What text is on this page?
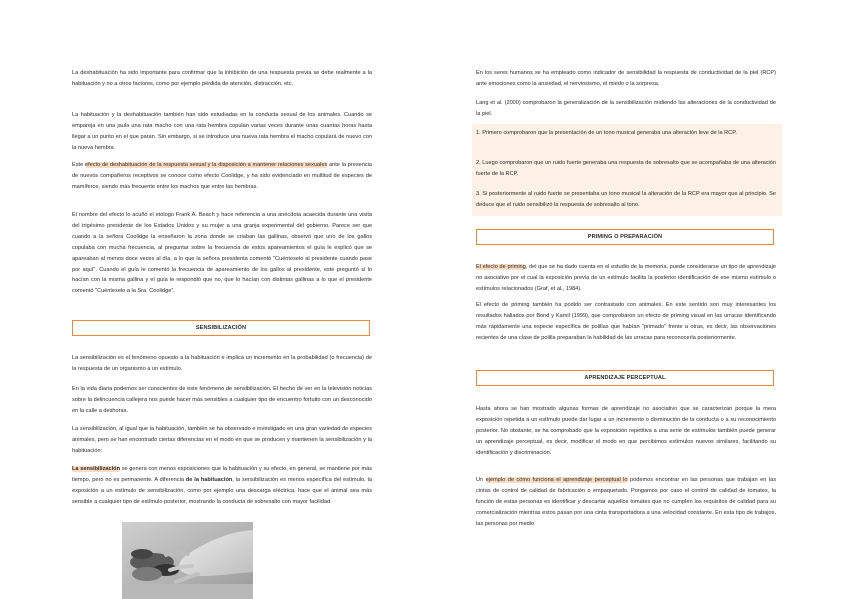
La deshabituación ha sido importante para confirmar que la inhibición de una respuesta previa se debe realmente a la habituación y no a otros factores, como por ejemplo pérdida de atención, distracción, etc.

La habituación y la deshabituación también han sido estudiadas en la conducta sexual de los animales. Cuando se empareja en una jaula una rata macho con una rata hembra copulan varias veces durante unas cuantas horas hasta llegar a un punto en el que paran. Sin embargo, si se introduce una nueva rata hembra el macho copulará de nuevo con la nueva hembra.

Este efecto de deshabituación de la respuesta sexual y la disposición a mantener relaciones sexuales ante la presencia de nuevos compañeros receptivos se conoce como efecto Coolidge, y ha sido evidenciado en multitud de especies de mamíferos, siendo más frecuente entre los machos que entre las hembras.

El nombre del efecto lo acuñó el etólogo Frank A. Beach y hace referencia a una anécdota acaecida durante una visita del trigésimo presidente de los Estados Unidos y su mujer a una granja experimental del gobierno. Parece ser que cuando a la señora Coolidge la enseñaron la zona donde se criaban las gallinas, observó que uno de los gallos copulaba con mucha frecuencia, al preguntar sobre la frecuencia de estos apareamientos el guía le explicó que se apareaban al menos doce veces al día, a lo que la señora presidenta comentó "Cuénteselo al presidente cuando pase por aquí". Cuando el guía le comentó la frecuencia de apareamiento de los gallos al presidente, este preguntó si lo hacían con la misma gallina y el guía le respondió que no, que lo hacían con distintas gallinas a lo que el presidente comentó "Cuénteselo a la Sra. Coolidge".

SENSIBILIZACIÓN

La sensibilización es el fenómeno opuesto a la habituación e implica un incremento en la probabilidad (o frecuencia) de la respuesta de un organismo a un estímulo.

En la vida diaria podemos ser conscientes de este fenómeno de sensibilización. El hecho de ver en la televisión noticias sobre la delincuencia callejera nos puede hacer más sensibles a cualquier tipo de encuentro fortuito con un desconocido en la calle a deshoras.

La sensibilización, al igual que la habituación, también se ha observado e investigado en una gran variedad de especies animales, pero se han encontrado ciertas diferencias en el modo en que se producen y mantienen la sensibilización y la habituación:

La sensibilización se genera con menos exposiciones que la habituación y su efecto, en general, se mantiene por más tiempo, pero no es permanente. A diferencia de la habituación, la sensibilización es menos específica del estímulo, la exposición a un estímulo de sensibilización, como por ejemplo una descarga eléctrica, hace que el animal sea más sensible a cualquier tipo de estímulo posterior, mostrando la conducta de sobresalto con mayor facilidad.

En los seres humanos se ha empleado como indicador de sensibilidad la respuesta de conductividad de la piel (RCP) ante emociones como la ansiedad, el nerviosismo, el miedo o la sorpresa.

Lang et al. (2000) comprobaron la generalización de la sensibilización midiendo las alteraciones de la conductividad de la piel.

1. Primero comprobaron que la presentación de un tono musical generaba una alteración leve de la RCP.

2. Luego comprobaron que un ruido fuerte generaba una respuesta de sobresalto que se acompañaba de una alteración fuerte de la RCP.

3. Si posteriormente al ruido fuerte se presentaba un tono musical la alteración de la RCP era mayor que al principio. Se deduce que el ruido sensibilizó la respuesta de sobresalto al tono.

PRIMING O PREPARACIÓN

El efecto de priming, del que se ha dado cuenta en el estudio de la memoria, puede considerarse un tipo de aprendizaje no asociativo por el cual la exposición previa de un estímulo facilita la posterior identificación de ese mismo estímulo o estímulos relacionados (Graf, et al., 1984).

El efecto de priming también ha podido ser contrastado con animales. En este sentido son muy interesantes los resultados hallados por Bond y Kamil (1999), que comprobaron un efecto de priming visual en las urracas identificando más rápidamente una especie específica de polillas que habían "primado" frente a otras, es decir, las observaciones recientes de una clase de polilla preparaban la habilidad de las urracas para reconocerla posteriormente.

APRENDIZAJE PERCEPTUAL

Hasta ahora se han mostrado algunas formas de aprendizaje no asociativo que se caracterizan porque la mera exposición repetida a un estímulo puede dar lugar a un incremento o disminución de la conducta o a su reconocimiento posterior. No obstante, se ha comprobado que la exposición repetitiva a una serie de estímulos también puede generar un aprendizaje perceptual, es decir, modificar el modo en que percibimos estímulos nuevos similares, facilitando su identificación y discriminación.

Un ejemplo de cómo funciona el aprendizaje perceptual lo podemos encontrar en las personas que trabajan en las cintas de control de calidad de fabricación o empaquetado. Pongamos por caso el control de calidad de tomates, la función de estas personas es identificar y descartar aquellos tomates que no cumplen los requisitos de calidad para su comercialización mientras estos pasan por una cinta transportadora a una velocidad constante. En esta tipo de trabajos, las personas por medio
